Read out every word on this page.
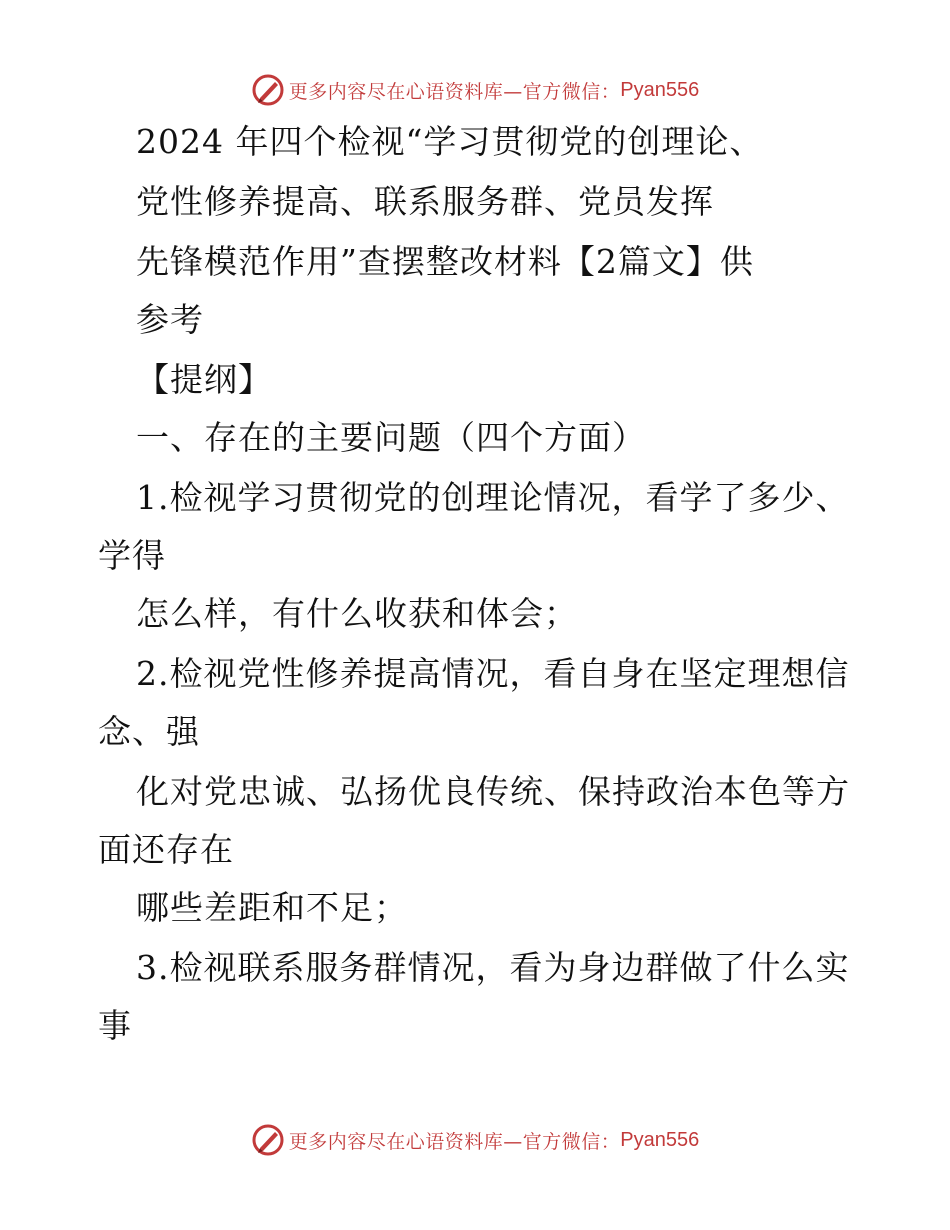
更多内容尽在心语资料库—官方微信： Pyan556
2024 年四个检视“学习贯彻党的创理论、
党性修养提高、联系服务群、党员发挥
先锋模范作用”查摆整改材料【2篇文】供
参考
【提纲】
一、存在的主要问题（四个方面）
1.检视学习贯彻党的创理论情况，看学了多少、
学得
怎么样，有什么收获和体会；
2.检视党性修养提高情况，看自身在坚定理想信
念、强
化对党忠诚、弘扬优良传统、保持政治本色等方
面还存在
哪些差距和不足；
3.检视联系服务群情况，看为身边群做了什么实
事
更多内容尽在心语资料库—官方微信： Pyan556
